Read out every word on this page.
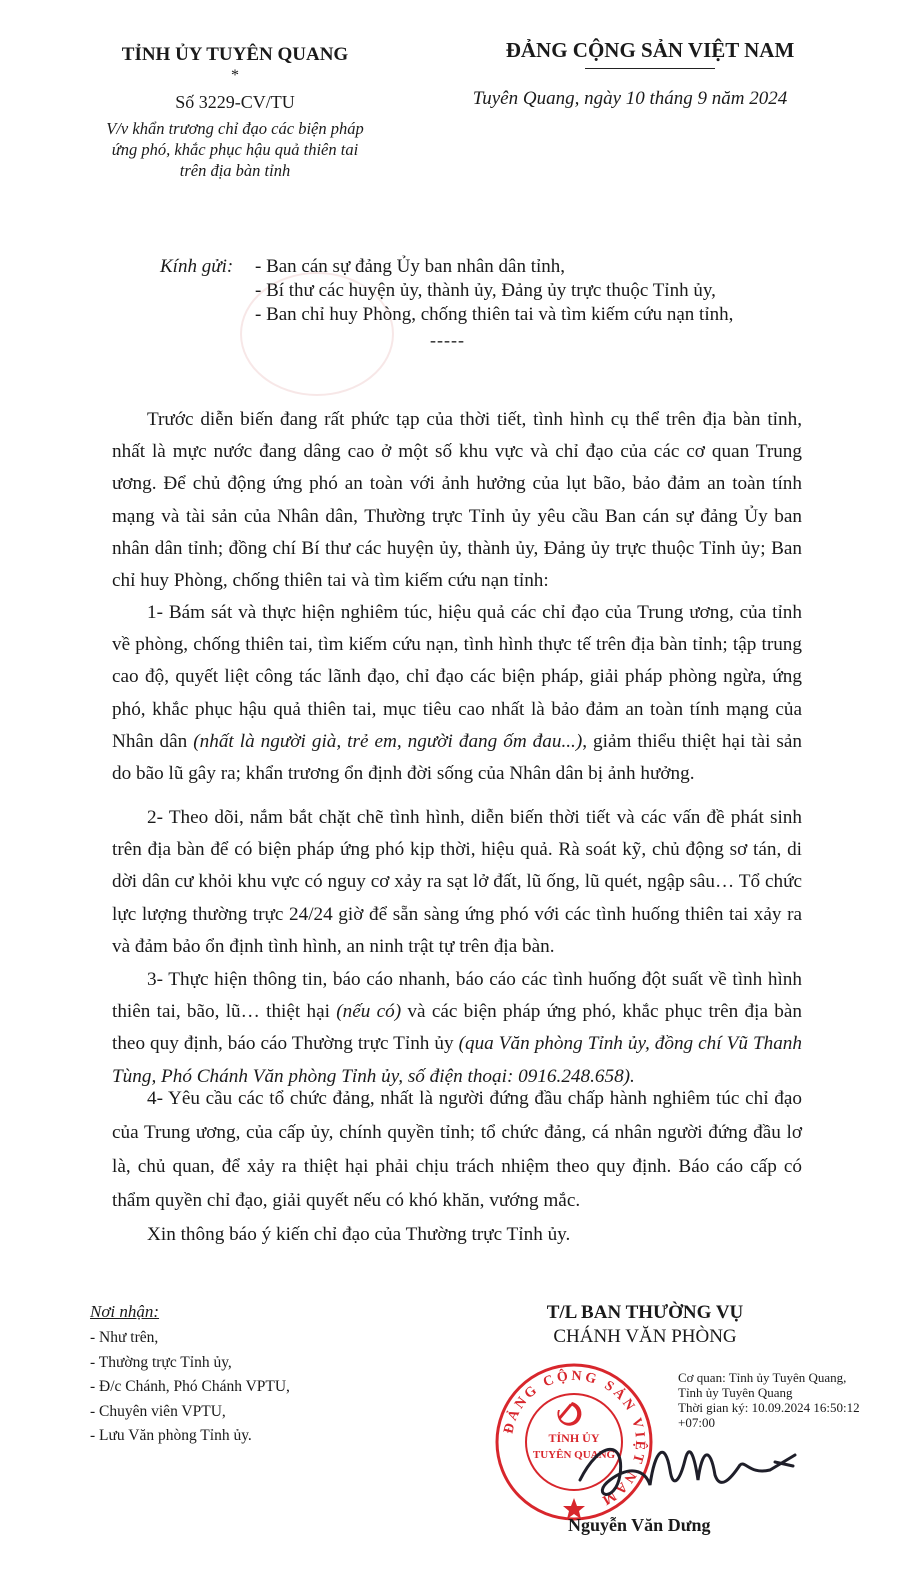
TỈNH ỦY TUYÊN QUANG
*
Số 3229-CV/TU
V/v khẩn trương chỉ đạo các biện pháp
ứng phó, khắc phục hậu quả thiên tai
trên địa bàn tỉnh
ĐẢNG CỘNG SẢN VIỆT NAM
Tuyên Quang, ngày 10 tháng 9 năm 2024
Kính gửi: - Ban cán sự đảng Ủy ban nhân dân tỉnh,
- Bí thư các huyện ủy, thành ủy, Đảng ủy trực thuộc Tỉnh ủy,
- Ban chỉ huy Phòng, chống thiên tai và tìm kiếm cứu nạn tỉnh,
-----

Trước diễn biến đang rất phức tạp của thời tiết, tình hình cụ thể trên địa bàn tỉnh, nhất là mực nước đang dâng cao ở một số khu vực và chỉ đạo của các cơ quan Trung ương. Để chủ động ứng phó an toàn với ảnh hưởng của lụt bão, bảo đảm an toàn tính mạng và tài sản của Nhân dân, Thường trực Tỉnh ủy yêu cầu Ban cán sự đảng Ủy ban nhân dân tỉnh; đồng chí Bí thư các huyện ủy, thành ủy, Đảng ủy trực thuộc Tỉnh ủy; Ban chỉ huy Phòng, chống thiên tai và tìm kiếm cứu nạn tỉnh:

1- Bám sát và thực hiện nghiêm túc, hiệu quả các chỉ đạo của Trung ương, của tỉnh về phòng, chống thiên tai, tìm kiếm cứu nạn, tình hình thực tế trên địa bàn tỉnh; tập trung cao độ, quyết liệt công tác lãnh đạo, chỉ đạo các biện pháp, giải pháp phòng ngừa, ứng phó, khắc phục hậu quả thiên tai, mục tiêu cao nhất là bảo đảm an toàn tính mạng của Nhân dân (nhất là người già, trẻ em, người đang ốm đau...), giảm thiểu thiệt hại tài sản do bão lũ gây ra; khẩn trương ổn định đời sống của Nhân dân bị ảnh hưởng.

2- Theo dõi, nắm bắt chặt chẽ tình hình, diễn biến thời tiết và các vấn đề phát sinh trên địa bàn để có biện pháp ứng phó kịp thời, hiệu quả. Rà soát kỹ, chủ động sơ tán, di dời dân cư khỏi khu vực có nguy cơ xảy ra sạt lở đất, lũ ống, lũ quét, ngập sâu… Tổ chức lực lượng thường trực 24/24 giờ để sẵn sàng ứng phó với các tình huống thiên tai xảy ra và đảm bảo ổn định tình hình, an ninh trật tự trên địa bàn.

3- Thực hiện thông tin, báo cáo nhanh, báo cáo các tình huống đột suất về tình hình thiên tai, bão, lũ… thiệt hại (nếu có) và các biện pháp ứng phó, khắc phục trên địa bàn theo quy định, báo cáo Thường trực Tỉnh ủy (qua Văn phòng Tỉnh ủy, đồng chí Vũ Thanh Tùng, Phó Chánh Văn phòng Tỉnh ủy, số điện thoại: 0916.248.658).

4- Yêu cầu các tổ chức đảng, nhất là người đứng đầu chấp hành nghiêm túc chỉ đạo của Trung ương, của cấp ủy, chính quyền tỉnh; tổ chức đảng, cá nhân người đứng đầu lơ là, chủ quan, để xảy ra thiệt hại phải chịu trách nhiệm theo quy định. Báo cáo cấp có thẩm quyền chỉ đạo, giải quyết nếu có khó khăn, vướng mắc.

Xin thông báo ý kiến chỉ đạo của Thường trực Tỉnh ủy.

Nơi nhận:
- Như trên,
- Thường trực Tỉnh ủy,
- Đ/c Chánh, Phó Chánh VPTU,
- Chuyên viên VPTU,
- Lưu Văn phòng Tỉnh ủy.
T/L BAN THƯỜNG VỤ
CHÁNH VĂN PHÒNG
ĐẢNG CỘNG SẢN VIỆT NAM
TỈNH ỦY
TUYÊN QUANG
Cơ quan: Tỉnh ủy Tuyên Quang,
Tỉnh ủy Tuyên Quang
Thời gian ký: 10.09.2024 16:50:12
+07:00
Nguyễn Văn Dưng
